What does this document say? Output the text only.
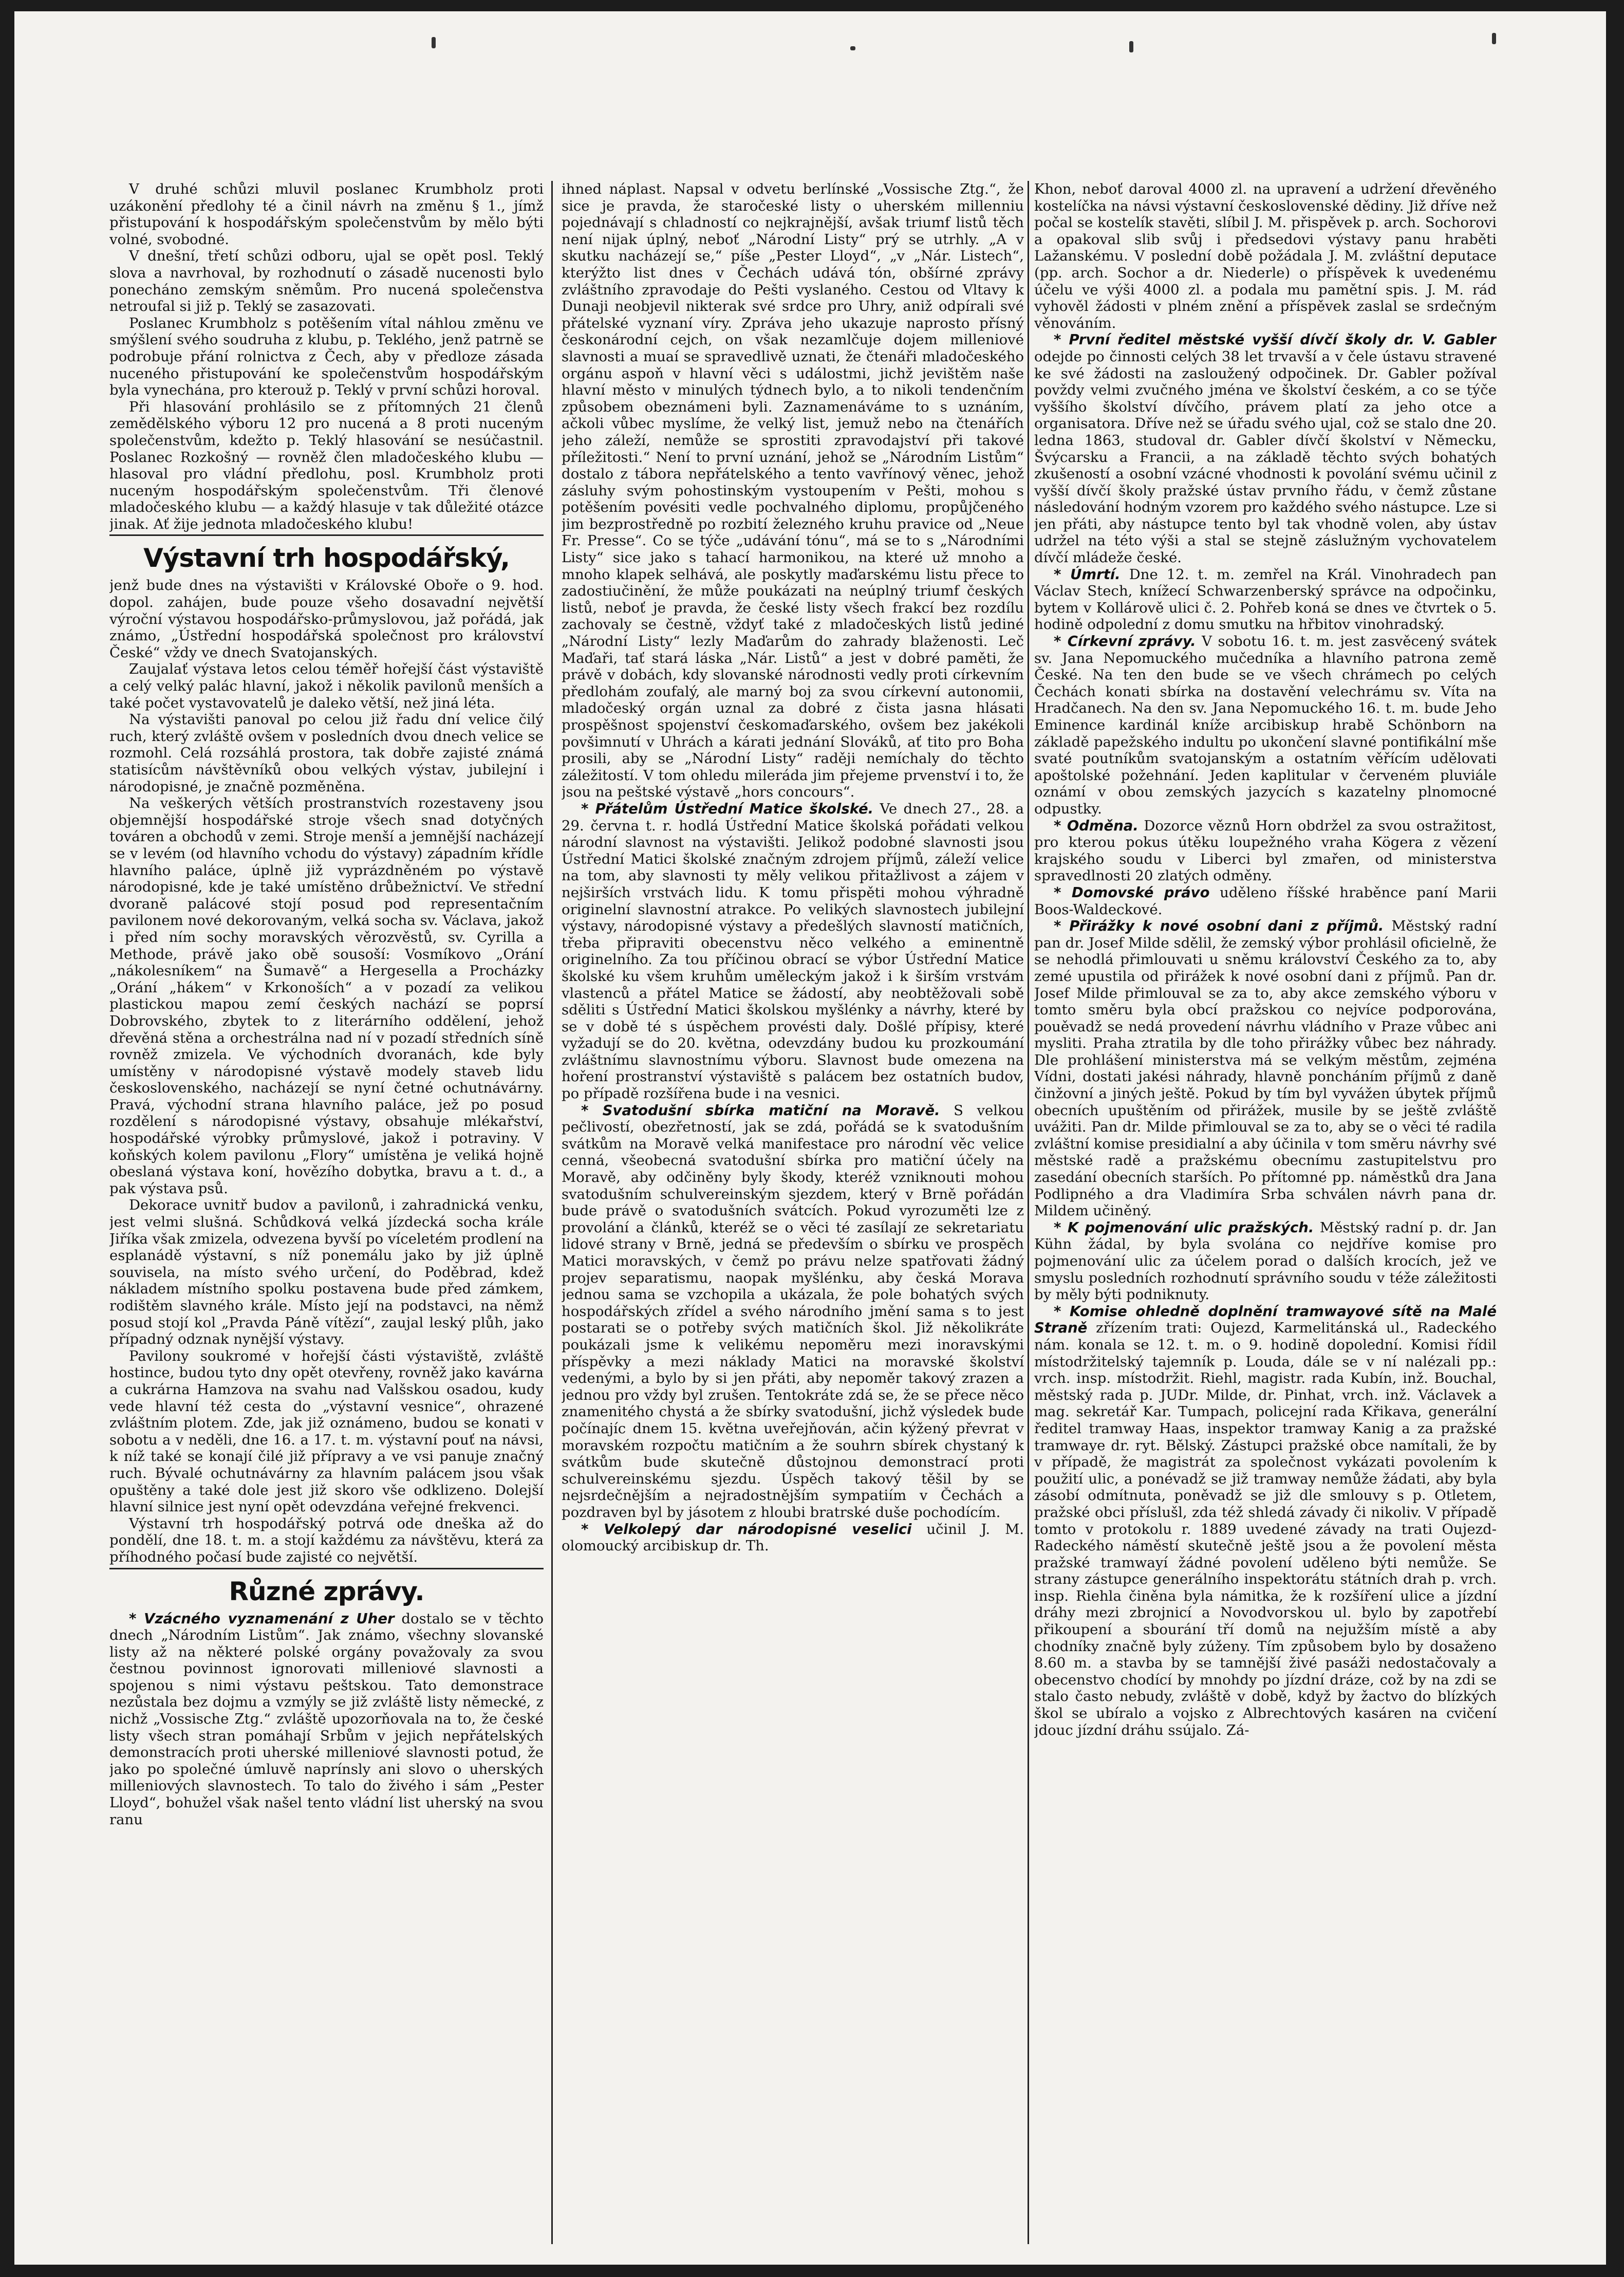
V druhé schůzi mluvil poslanec Krumbholz proti uzákonění předlohy té a činil návrh na změnu § 1., jímž přistupování k hospodářským společenstvům by mělo býti volné, svobodné.

V dnešní, třetí schůzi odboru, ujal se opět posl. Teklý slova a navrhoval, by rozhodnutí o zásadě nucenosti bylo ponecháno zemským sněmům. Pro nucená společenstva netroufal si již p. Teklý se zasazovati.

Poslanec Krumbholz s potěšením vítal náhlou změnu ve smýšlení svého soudruha z klubu, p. Teklého, jenž patrně se podrobuje přání rolnictva z Čech, aby v předloze zásada nuceného přistupování ke společenstvům hospodářským byla vynechána, pro kterouž p. Teklý v první schůzi horoval.

Při hlasování prohlásilo se z přítomných 21 členů zemědělského výboru 12 pro nucená a 8 proti nuceným společenstvům, kdežto p. Teklý hlasování se nesúčastnil. Poslanec Rozkošný — rovněž člen mladočeského klubu — hlasoval pro vládní předlohu, posl. Krumbholz proti nuceným hospodářským společenstvům. Tři členové mladočeského klubu — a každý hlasuje v tak důležité otázce jinak. Ať žije jednota mladočeského klubu!

Výstavní trh hospodářský,

jenž bude dnes na výstavišti v Královské Oboře o 9. hod. dopol. zahájen, bude pouze všeho dosavadní největší výroční výstavou hospodářsko-průmyslovou, jaž pořádá, jak známo, „Ústřední hospodářská společnost pro království České“ vždy ve dnech Svatojanských.

Zaujalať výstava letos celou téměř hořejší část výstaviště a celý velký palác hlavní, jakož i několik pavilonů menších a také počet vystavovatelů je daleko větší, než jiná léta.

Na výstavišti panoval po celou již řadu dní velice čilý ruch, který zvláště ovšem v posledních dvou dnech velice se rozmohl. Celá rozsáhlá prostora, tak dobře zajisté známá statisícům návštěvníků obou velkých výstav, jubilejní i národopisné, je značně pozměněna.

Na veškerých větších prostranstvích rozestaveny jsou objemnější hospodářské stroje všech snad dotyčných továren a obchodů v zemi. Stroje menší a jemnější nacházejí se v levém (od hlavního vchodu do výstavy) západním křídle hlavního paláce, úplně již vyprázdněném po výstavě národopisné, kde je také umístěno drůbežnictví. Ve střední dvoraně palácové stojí posud pod representačním pavilonem nové dekorovaným, velká socha sv. Václava, jakož i před ním sochy moravských věrozvěstů, sv. Cyrilla a Methode, právě jako obě sousoší: Vosmíkovo „Orání „nákolesníkem“ na Šumavě“ a Hergesella a Procházky „Orání „hákem“ v Krkonoších“ a v pozadí za velikou plastickou mapou zemí českých nachází se poprsí Dobrovského, zbytek to z literárního oddělení, jehož dřevěná stěna a orchestrálna nad ní v pozadí středních síně rovněž zmizela. Ve východních dvoranách, kde byly umístěny v národopisné výstavě modely staveb lidu československého, nacházejí se nyní četné ochutnávárny. Pravá, východní strana hlavního paláce, jež po posud rozdělení s národopisné výstavy, obsahuje mlékařství, hospodářské výrobky průmyslové, jakož i potraviny. V koňských kolem pavilonu „Flory“ umístěna je veliká hojně obeslaná výstava koní, hovězího dobytka, bravu a t. d., a pak výstava psů.

Dekorace uvnitř budov a pavilonů, i zahradnická venku, jest velmi slušná. Schůdková velká jízdecká socha krále Jiříka však zmizela, odvezena byvší po víceletém prodlení na esplanádě výstavní, s níž ponemálu jako by již úplně souvisela, na místo svého určení, do Poděbrad, kdež nákladem místního spolku postavena bude před zámkem, rodištěm slavného krále. Místo její na podstavci, na němž posud stojí kol „Pravda Páně vítězí“, zaujal leský plůh, jako případný odznak nynější výstavy.

Pavilony soukromé v hořejší části výstaviště, zvláště hostince, budou tyto dny opět otevřeny, rovněž jako kavárna a cukrárna Hamzova na svahu nad Valšskou osadou, kudy vede hlavní též cesta do „výstavní vesnice“, ohrazené zvláštním plotem. Zde, jak již oznámeno, budou se konati v sobotu a v neděli, dne 16. a 17. t. m. výstavní pouť na návsi, k níž také se konají čilé již přípravy a ve vsi panuje značný ruch. Bývalé ochutnávárny za hlavním palácem jsou však opuštěny a také dole jest již skoro vše odklizeno. Dolejší hlavní silnice jest nyní opět odevzdána veřejné frekvenci.

Výstavní trh hospodářský potrvá ode dneška až do pondělí, dne 18. t. m. a stojí každému za návštěvu, která za příhodného počasí bude zajisté co největší.

Různé zprávy.

* Vzácného vyznamenání z Uher dostalo se v těchto dnech „Národním Listům“. Jak známo, všechny slovanské listy až na některé polské orgány považovaly za svou čestnou povinnost ignorovati milleniové slavnosti a spojenou s nimi výstavu peštskou. Tato demonstrace nezůstala bez dojmu a vzmýly se již zvláště listy německé, z nichž „Vossische Ztg.“ zvláště upozorňovala na to, že české listy všech stran pomáhají Srbům v jejich nepřátelských demonstracích proti uherské milleniové slavnosti potud, že jako po společné úmluvě naprínsly ani slovo o uherských milleniových slavnostech. To talo do živého i sám „Pester Lloyd“, bohužel však našel tento vládní list uherský na svou ranu

ihned náplast. Napsal v odvetu berlínské „Vossische Ztg.“, že sice je pravda, že staročeské listy o uherském millenniu pojednávají s chladností co nejkrajnější, avšak triumf listů těch není nijak úplný, neboť „Národní Listy“ prý se utrhly. „A v skutku nacházejí se,“ píše „Pester Lloyd“, „v „Nár. Listech“, kterýžto list dnes v Čechách udává tón, obšírné zprávy zvláštního zpravodaje do Pešti vyslaného. Cestou od Vltavy k Dunaji neobjevil nikterak své srdce pro Uhry, aniž odpírali své přátelské vyznaní víry. Zpráva jeho ukazuje naprosto přísný českonárodní cejch, on však nezamlčuje dojem milleniové slavnosti a muaí se spravedlivě uznati, že čtenáři mladočeského orgánu aspoň v hlavní věci s událostmi, jichž jevištěm naše hlavní město v minulých týdnech bylo, a to nikoli tendenčním způsobem obeznámeni byli. Zaznamenáváme to s uznáním, ačkoli vůbec myslíme, že velký list, jemuž nebo na čtenářích jeho záleží, nemůže se sprostiti zpravodajství při takové příležitosti.“ Není to první uznání, jehož se „Národním Listům“ dostalo z tábora nepřátelského a tento vavřínový věnec, jehož zásluhy svým pohostinským vystoupením v Pešti, mohou s potěšením povésiti vedle pochvalného diplomu, propůjčeného jim bezprostředně po rozbití železného kruhu pravice od „Neue Fr. Presse“. Co se týče „udávání tónu“, má se to s „Národními Listy“ sice jako s tahací harmonikou, na které už mnoho a mnoho klapek selhává, ale poskytly maďarskému listu přece to zadostiučinění, že může poukázati na neúplný triumf českých listů, neboť je pravda, že české listy všech frakcí bez rozdílu zachovaly se čestně, vždyť také z mladočeských listů jediné „Národní Listy“ lezly Maďarům do zahrady blaženosti. Leč Maďaři, tať stará láska „Nár. Listů“ a jest v dobré paměti, že právě v dobách, kdy slovanské národnosti vedly proti církevním předlohám zoufalý, ale marný boj za svou církevní autonomii, mladočeský orgán uznal za dobré z čista jasna hlásati prospěšnost spojenství českomaďarského, ovšem bez jakékoli povšimnutí v Uhrách a kárati jednání Slováků, ať tito pro Boha prosili, aby se „Národní Listy“ raději nemíchaly do těchto záležitostí. V tom ohledu mileráda jim přejeme prvenství i to, že jsou na peštské výstavě „hors concours“.

* Přátelům Ústřední Matice školské. Ve dnech 27., 28. a 29. června t. r. hodlá Ústřední Matice školská pořádati velkou národní slavnost na výstavišti. Jelikož podobné slavnosti jsou Ústřední Matici školské značným zdrojem příjmů, záleží velice na tom, aby slavnosti ty měly velikou přitažlivost a zájem v nejširších vrstvách lidu. K tomu přispěti mohou výhradně originelní slavnostní atrakce. Po velikých slavnostech jubilejní výstavy, národopisné výstavy a předešlých slavností matičních, třeba připraviti obecenstvu něco velkého a eminentně originelního. Za tou příčinou obrací se výbor Ústřední Matice školské ku všem kruhům uměleckým jakož i k širším vrstvám vlastenců a přátel Matice se žádostí, aby neobtěžovali sobě sděliti s Ústřední Matici školskou myšlénky a návrhy, které by se v době té s úspěchem provésti daly. Došlé přípisy, které vyžadují se do 20. května, odevzdány budou ku prozkoumání zvláštnímu slavnostnímu výboru. Slavnost bude omezena na hoření prostranství výstaviště s palácem bez ostatních budov, po případě rozšířena bude i na vesnici.

* Svatodušní sbírka matiční na Moravě. S velkou pečlivostí, obezřetností, jak se zdá, pořádá se k svatodušním svátkům na Moravě velká manifestace pro národní věc velice cenná, všeobecná svatodušní sbírka pro matiční účely na Moravě, aby odčiněny byly škody, kteréž vzniknouti mohou svatodušním schulvereinským sjezdem, který v Brně pořádán bude právě o svatodušních svátcích. Pokud vyrozuměti lze z provolání a článků, kteréž se o věci té zasílají ze sekretariatu lidové strany v Brně, jedná se především o sbírku ve prospěch Matici moravských, v čemž po právu nelze spatřovati žádný projev separatismu, naopak myšlénku, aby česká Morava jednou sama se vzchopila a ukázala, že pole bohatých svých hospodářských zřídel a svého národního jmění sama s to jest postarati se o potřeby svých matičních škol. Již několikráte poukázali jsme k velikému nepoměru mezi inoravskými příspěvky a mezi náklady Matici na moravské školství vedenými, a bylo by si jen přáti, aby nepoměr takový zrazen a jednou pro vždy byl zrušen. Tentokráte zdá se, že se přece něco znamenitého chystá a že sbírky svatodušní, jichž výsledek bude počínajíc dnem 15. května uveřejňován, ačin kýžený převrat v moravském rozpočtu matičním a že souhrn sbírek chystaný k svátkům bude skutečně důstojnou demonstrací proti schulvereinskému sjezdu. Úspěch takový těšil by se nejsrdečnějším a nejradostnějším sympatiím v Čechách a pozdraven byl by jásotem z hloubi bratrské duše pochodícím.

* Velkolepý dar národopisné veselici učinil J. M. olomoucký arcibiskup dr. Th.

Khon, neboť daroval 4000 zl. na upravení a udržení dřevěného kostelíčka na návsi výstavní československé dědiny. Již dříve než počal se kostelík stavěti, slíbil J. M. přispěvek p. arch. Sochorovi a opakoval slib svůj i předsedovi výstavy panu hraběti Lažanskému. V poslední době požádala J. M. zvláštní deputace (pp. arch. Sochor a dr. Niederle) o příspěvek k uvedenému účelu ve výši 4000 zl. a podala mu pamětní spis. J. M. rád vyhověl žádosti v plném znění a příspěvek zaslal se srdečným věnováním.

* První ředitel městské vyšší dívčí školy dr. V. Gabler odejde po činnosti celých 38 let trvavší a v čele ústavu stravené ke své žádosti na zasloužený odpočinek. Dr. Gabler požíval povždy velmi zvučného jména ve školství českém, a co se týče vyššího školství dívčího, právem platí za jeho otce a organisatora. Dříve než se úřadu svého ujal, což se stalo dne 20. ledna 1863, studoval dr. Gabler dívčí školství v Německu, Švýcarsku a Francii, a na základě těchto svých bohatých zkušeností a osobní vzácné vhodnosti k povolání svému učinil z vyšší dívčí školy pražské ústav prvního řádu, v čemž zůstane následování hodným vzorem pro každého svého nástupce. Lze si jen přáti, aby nástupce tento byl tak vhodně volen, aby ústav udržel na této výši a stal se stejně záslužným vychovatelem dívčí mládeže české.

* Úmrtí. Dne 12. t. m. zemřel na Král. Vinohradech pan Václav Stech, knížecí Schwarzenberský správce na odpočinku, bytem v Kollárově ulici č. 2. Pohřeb koná se dnes ve čtvrtek o 5. hodině odpolední z domu smutku na hřbitov vinohradský.

* Církevní zprávy. V sobotu 16. t. m. jest zasvěcený svátek sv. Jana Nepomuckého mučedníka a hlavního patrona země České. Na ten den bude se ve všech chrámech po celých Čechách konati sbírka na dostavění velechrámu sv. Víta na Hradčanech. Na den sv. Jana Nepomuckého 16. t. m. bude Jeho Eminence kardinál kníže arcibiskup hrabě Schönborn na základě papežského indultu po ukončení slavné pontifikální mše svaté poutníkům svatojanským a ostatním věřícím udělovati apoštolské požehnání. Jeden kaplitular v červeném pluviále oznámí v obou zemských jazycích s kazatelny plnomocné odpustky.

* Odměna. Dozorce věznů Horn obdržel za svou ostražitost, pro kterou pokus útěku loupežného vraha Kögera z vězení krajského soudu v Liberci byl zmařen, od ministerstva spravedlnosti 20 zlatých odměny.

* Domovské právo uděleno říšské hraběnce paní Marii Boos-Waldeckové.

* Přirážky k nové osobní dani z příjmů. Městský radní pan dr. Josef Milde sdělil, že zemský výbor prohlásil oficielně, že se nehodlá přimlouvati u sněmu království Českého za to, aby zemé upustila od přirážek k nové osobní dani z příjmů. Pan dr. Josef Milde přimlouval se za to, aby akce zemského výboru v tomto směru byla obcí pražskou co nejvíce podporována, pouěvadž se nedá provedení návrhu vládního v Praze vůbec ani mysliti. Praha ztratila by dle toho přirážky vůbec bez náhrady. Dle prohlášení ministerstva má se velkým městům, zejména Vídni, dostati jakési náhrady, hlavně poncháním příjmů z daně činžovní a jiných ještě. Pokud by tím byl vyvážen úbytek příjmů obecních upuštěním od přirážek, musile by se ještě zvláště uvážiti. Pan dr. Milde přimlouval se za to, aby se o věci té radila zvláštní komise presidialní a aby účinila v tom směru návrhy své městské radě a pražskému obecnímu zastupitelstvu pro zasedání obecních starších. Po přítomné pp. náměstků dra Jana Podlipného a dra Vladimíra Srba schválen návrh pana dr. Mildem učiněný.

* K pojmenování ulic pražských. Městský radní p. dr. Jan Kühn žádal, by byla svolána co nejdříve komise pro pojmenování ulic za účelem porad o dalších krocích, jež ve smyslu posledních rozhodnutí správního soudu v téže záležitosti by měly býti podniknuty.

* Komise ohledně doplnění tramwayové sítě na Malé Straně zřízením trati: Oujezd, Karmelitánská ul., Radeckého nám. konala se 12. t. m. o 9. hodině dopolední. Komisi řídil místodržitelský tajemník p. Louda, dále se v ní nalézali pp.: vrch. insp. místodržit. Riehl, magistr. rada Kubín, inž. Bouchal, městský rada p. JUDr. Milde, dr. Pinhat, vrch. inž. Václavek a mag. sekretář Kar. Tumpach, policejní rada Křikava, generální ředitel tramway Haas, inspektor tramway Kanig a za pražské tramwaye dr. ryt. Bělský. Zástupci pražské obce namítali, že by v případě, že magistrát za společnost vykázati povolením k použití ulic, a ponévadž se již tramway nemůže žádati, aby byla zásobí odmítnuta, poněvadž se již dle smlouvy s p. Otletem, pražské obci příslušl, zda též shledá závady či nikoliv. V případě tomto v protokolu r. 1889 uvedené závady na trati Oujezd-Radeckého náměstí skutečně ještě jsou a že povolení města pražské tramwayí žádné povolení uděleno býti nemůže. Se strany zástupce generálního inspektorátu státních drah p. vrch. insp. Riehla činěna byla námitka, že k rozšíření ulice a jízdní dráhy mezi zbrojnicí a Novodvorskou ul. bylo by zapotřebí přikoupení a sbourání tří domů na nejužším místě a aby chodníky značně byly zúženy. Tím způsobem bylo by dosaženo 8.60 m. a stavba by se tamnější živé pasáži nedostačovaly a obecenstvo chodící by mnohdy po jízdní dráze, což by na zdi se stalo často nebudy, zvláště v době, když by žactvo do blízkých škol se ubíralo a vojsko z Albrechtových kasáren na cvičení jdouc jízdní dráhu ssújalo. Zá-
